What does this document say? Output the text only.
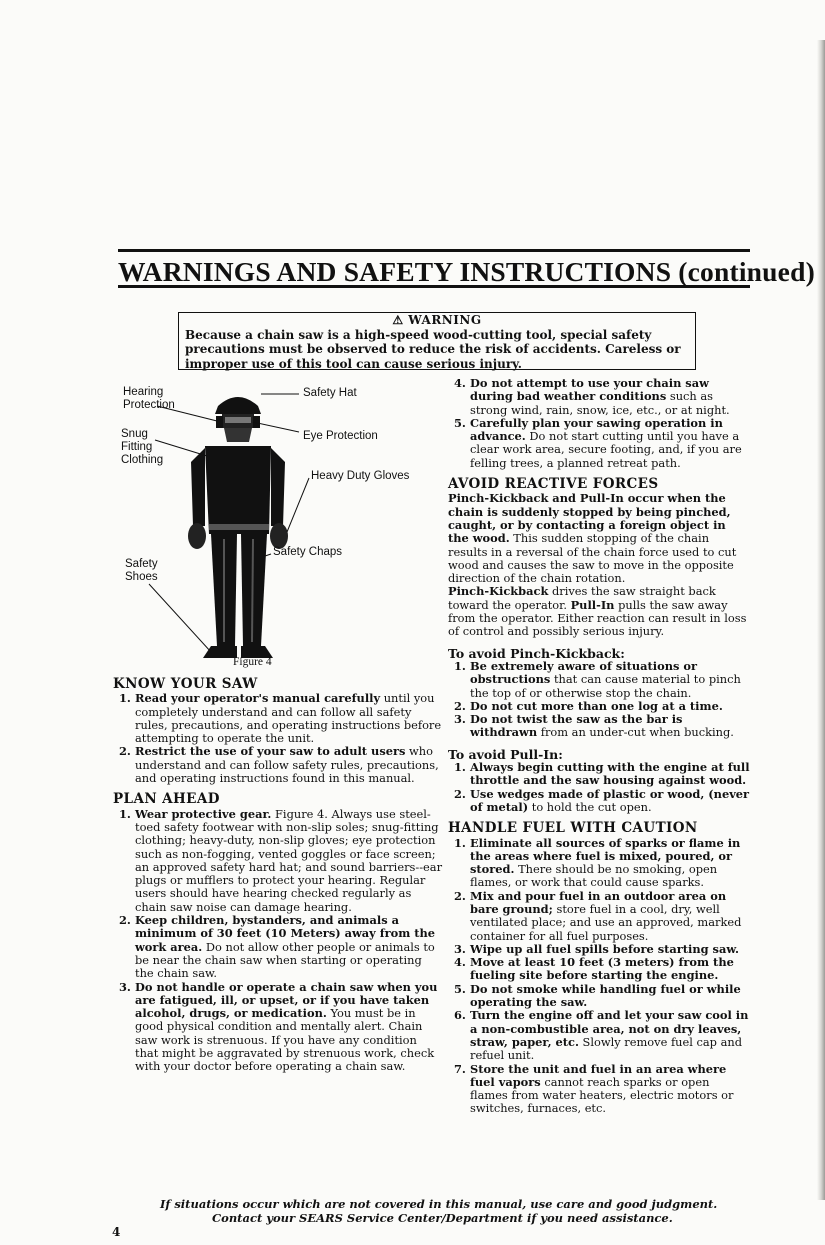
WARNINGS AND SAFETY INSTRUCTIONS (continued)
⚠ WARNING
Because a chain saw is a high-speed wood-cutting tool, special safety precautions must be observed to reduce the risk of accidents. Careless or improper use of this tool can cause serious injury.
Hearing
Protection
Snug
Fitting
Clothing
Safety
Shoes
Safety Hat
Eye Protection
Heavy Duty Gloves
Safety Chaps
Figure 4

KNOW YOUR SAW

1. Read your operator's manual carefully until you completely understand and can follow all safety rules, precautions, and operating instructions before attempting to operate the unit.
2. Restrict the use of your saw to adult users who understand and can follow safety rules, precautions, and operating instructions found in this manual.

PLAN AHEAD

1. Wear protective gear. Figure 4. Always use steel-toed safety footwear with non-slip soles; snug-fitting clothing; heavy-duty, non-slip gloves; eye protection such as non-fogging, vented goggles or face screen; an approved safety hard hat; and sound barriers--ear plugs or mufflers to protect your hearing. Regular users should have hearing checked regularly as chain saw noise can damage hearing.
2. Keep children, bystanders, and animals a minimum of 30 feet (10 Meters) away from the work area. Do not allow other people or animals to be near the chain saw when starting or operating the chain saw.
3. Do not handle or operate a chain saw when you are fatigued, ill, or upset, or if you have taken alcohol, drugs, or medication. You must be in good physical condition and mentally alert. Chain saw work is strenuous. If you have any condition that might be aggravated by strenuous work, check with your doctor before operating a chain saw.
4. Do not attempt to use your chain saw during bad weather conditions such as strong wind, rain, snow, ice, etc., or at night.
5. Carefully plan your sawing operation in advance. Do not start cutting until you have a clear work area, secure footing, and, if you are felling trees, a planned retreat path.

AVOID REACTIVE FORCES

Pinch-Kickback and Pull-In occur when the chain is suddenly stopped by being pinched, caught, or by contacting a foreign object in the wood. This sudden stopping of the chain results in a reversal of the chain force used to cut wood and causes the saw to move in the opposite direction of the chain rotation.

Pinch-Kickback drives the saw straight back toward the operator. Pull-In pulls the saw away from the operator. Either reaction can result in loss of control and possibly serious injury.

To avoid Pinch-Kickback:

1. Be extremely aware of situations or obstructions that can cause material to pinch the top of or otherwise stop the chain.
2. Do not cut more than one log at a time.
3. Do not twist the saw as the bar is withdrawn from an under-cut when bucking.

To avoid Pull-In:

1. Always begin cutting with the engine at full throttle and the saw housing against wood.
2. Use wedges made of plastic or wood, (never of metal) to hold the cut open.

HANDLE FUEL WITH CAUTION

1. Eliminate all sources of sparks or flame in the areas where fuel is mixed, poured, or stored. There should be no smoking, open flames, or work that could cause sparks.
2. Mix and pour fuel in an outdoor area on bare ground; store fuel in a cool, dry, well ventilated place; and use an approved, marked container for all fuel purposes.
3. Wipe up all fuel spills before starting saw.
4. Move at least 10 feet (3 meters) from the fueling site before starting the engine.
5. Do not smoke while handling fuel or while operating the saw.
6. Turn the engine off and let your saw cool in a non-combustible area, not on dry leaves, straw, paper, etc. Slowly remove fuel cap and refuel unit.
7. Store the unit and fuel in an area where fuel vapors cannot reach sparks or open flames from water heaters, electric motors or switches, furnaces, etc.
If situations occur which are not covered in this manual, use care and good judgment.
Contact your SEARS Service Center/Department if you need assistance.
4
